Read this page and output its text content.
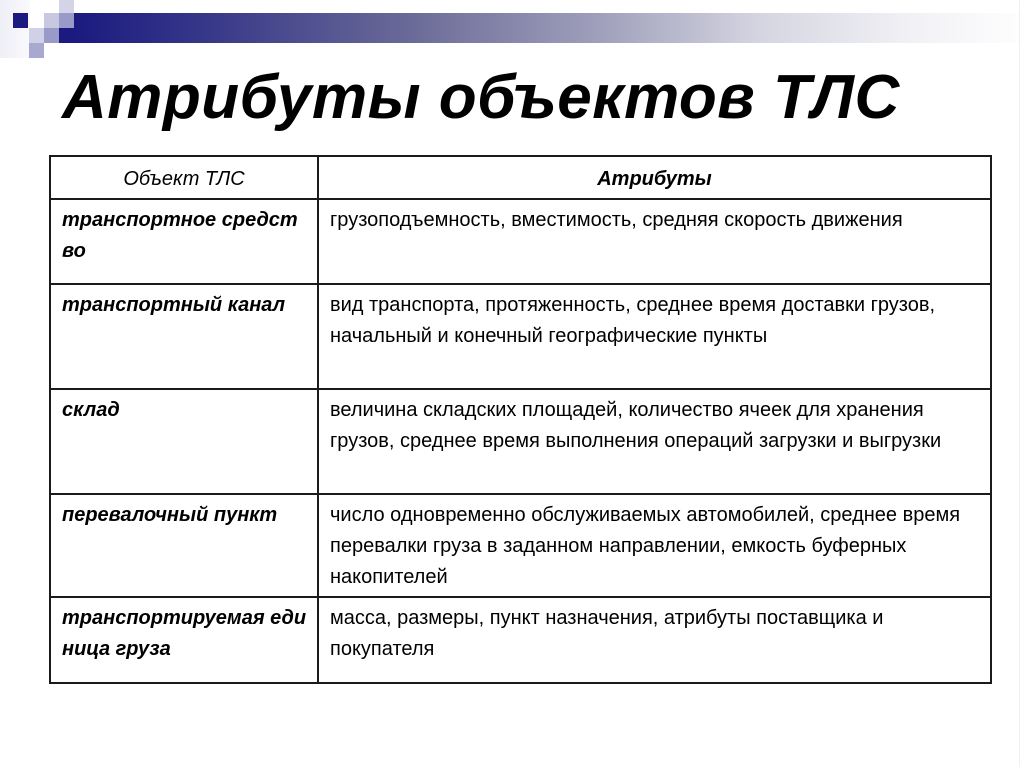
Атрибуты объектов ТЛС
Объект ТЛС	Атрибуты
транспортное средство	грузоподъемность, вместимость, средняя скорость движения
транспортный канал	вид транспорта, протяженность, среднее время доставки грузов, начальный и конечный географические пункты
склад	величина складских площадей, количество ячеек для хранения грузов, среднее время выполнения операций загрузки и выгрузки
перевалочный пункт	число одновременно обслуживаемых автомобилей, среднее время перевалки груза в заданном направлении, емкость буферных накопителей
транспортируемая единица груза	масса, размеры, пункт назначения, атрибуты поставщика и покупателя
